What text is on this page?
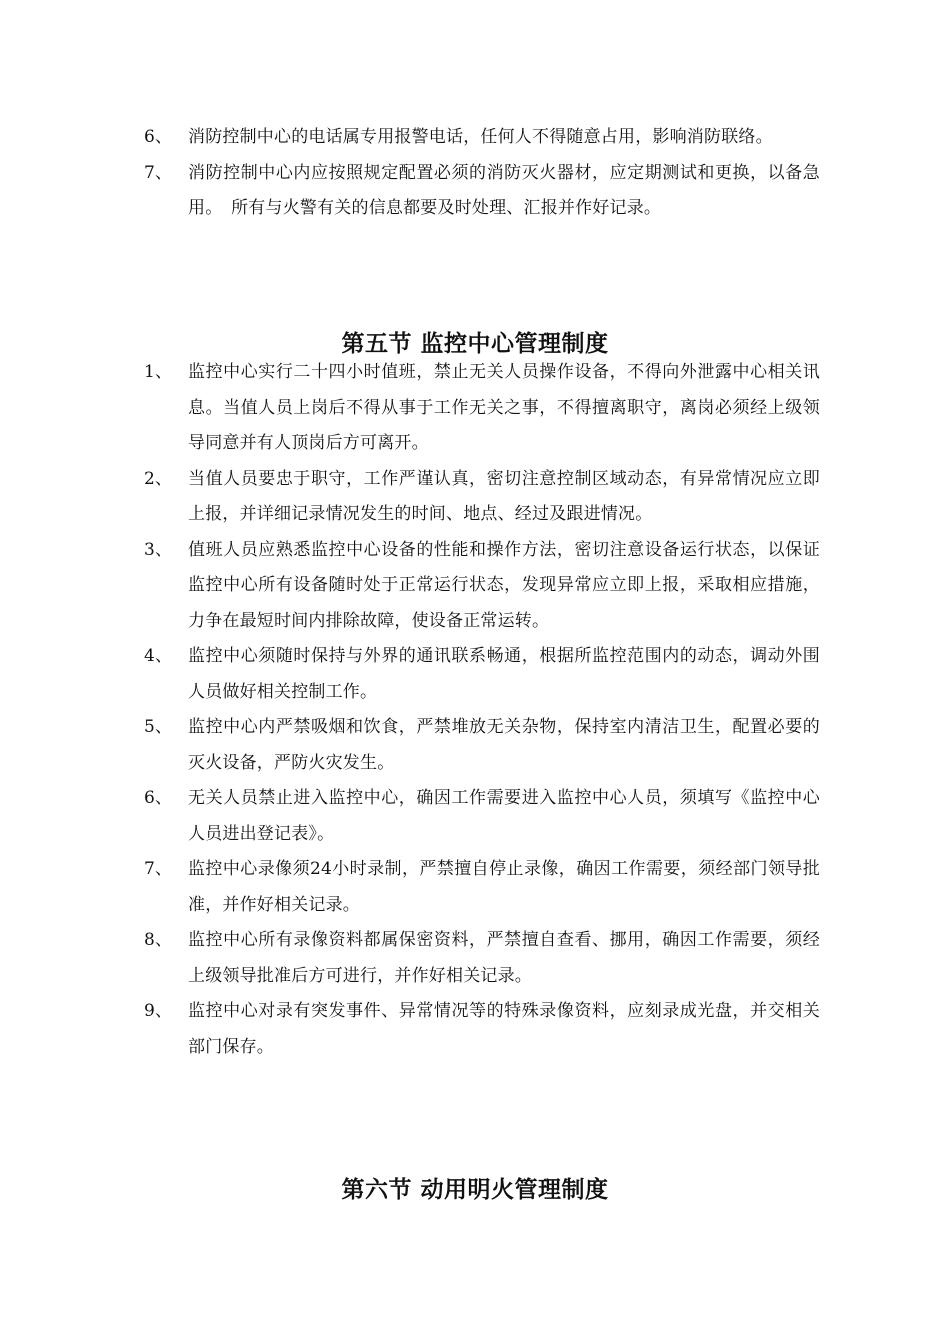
6、 消防控制中心的电话属专用报警电话，任何人不得随意占用，影响消防联络。
7、 消防控制中心内应按照规定配置必须的消防灭火器材，应定期测试和更换，以备急用。　所有与火警有关的信息都要及时处理、汇报并作好记录。
第五节 监控中心管理制度
1、 监控中心实行二十四小时值班，禁止无关人员操作设备，不得向外泄露中心相关讯息。当值人员上岗后不得从事于工作无关之事，不得擅离职守，离岗必须经上级领导同意并有人顶岗后方可离开。
2、 当值人员要忠于职守，工作严谨认真，密切注意控制区域动态，有异常情况应立即上报，并详细记录情况发生的时间、地点、经过及跟进情况。
3、 值班人员应熟悉监控中心设备的性能和操作方法，密切注意设备运行状态，以保证监控中心所有设备随时处于正常运行状态，发现异常应立即上报，采取相应措施，力争在最短时间内排除故障，使设备正常运转。
4、 监控中心须随时保持与外界的通讯联系畅通，根据所监控范围内的动态，调动外围人员做好相关控制工作。
5、 监控中心内严禁吸烟和饮食，严禁堆放无关杂物，保持室内清洁卫生，配置必要的灭火设备，严防火灾发生。
6、 无关人员禁止进入监控中心，确因工作需要进入监控中心人员，须填写《监控中心人员进出登记表》。
7、 监控中心录像须24小时录制，严禁擅自停止录像，确因工作需要，须经部门领导批准，并作好相关记录。
8、 监控中心所有录像资料都属保密资料，严禁擅自查看、挪用，确因工作需要，须经上级领导批准后方可进行，并作好相关记录。
9、 监控中心对录有突发事件、异常情况等的特殊录像资料，应刻录成光盘，并交相关部门保存。
第六节 动用明火管理制度
